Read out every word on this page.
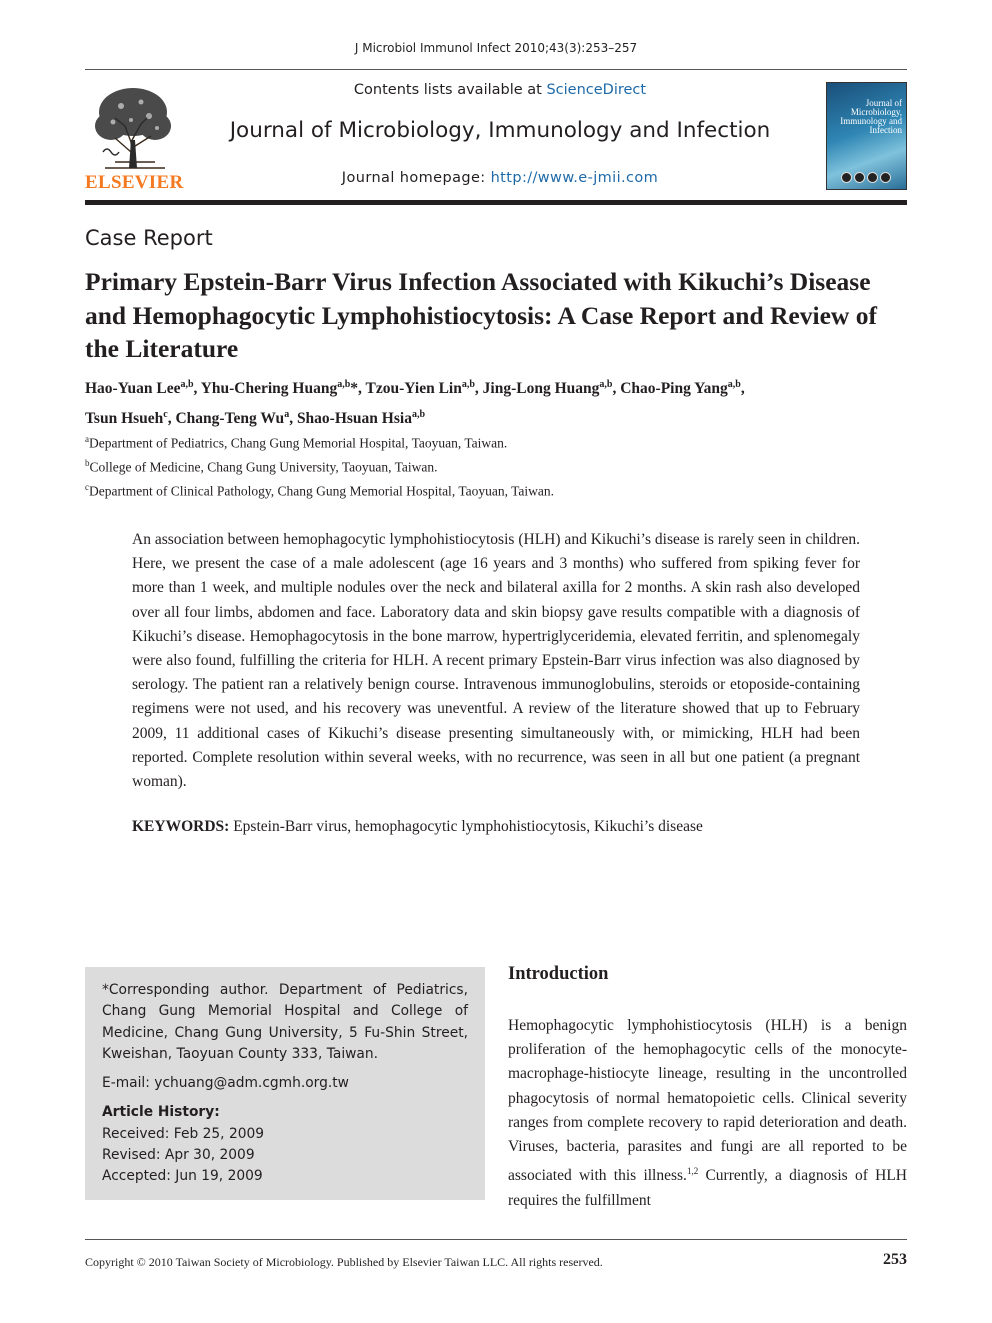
J Microbiol Immunol Infect 2010;43(3):253–257
ELSEVIER
Contents lists available at ScienceDirect
Journal of Microbiology, Immunology and Infection
Journal homepage: http://www.e-jmii.com
Journal of Microbiology, Immunology and Infection
Case Report
Primary Epstein-Barr Virus Infection Associated with Kikuchi’s Disease and Hemophagocytic Lymphohistiocytosis: A Case Report and Review of the Literature
Hao-Yuan Lee$^{a,b}$, Yhu-Chering Huang$^{a,b}$*, Tzou-Yien Lin$^{a,b}$, Jing-Long Huang$^{a,b}$, Chao-Ping Yang$^{a,b}$,
Tsun Hsueh$^c$, Chang-Teng Wu$^a$, Shao-Hsuan Hsia$^{a,b}$
$^a$Department of Pediatrics, Chang Gung Memorial Hospital, Taoyuan, Taiwan.
$^b$College of Medicine, Chang Gung University, Taoyuan, Taiwan.
$^c$Department of Clinical Pathology, Chang Gung Memorial Hospital, Taoyuan, Taiwan.
An association between hemophagocytic lymphohistiocytosis (HLH) and Kikuchi’s disease is rarely seen in children. Here, we present the case of a male adolescent (age 16 years and 3 months) who suffered from spiking fever for more than 1 week, and multiple nodules over the neck and bilateral axilla for 2 months. A skin rash also developed over all four limbs, abdomen and face. Laboratory data and skin biopsy gave results compatible with a diagnosis of Kikuchi’s disease. Hemophagocytosis in the bone marrow, hypertriglyceridemia, elevated ferritin, and splenomegaly were also found, fulfilling the criteria for HLH. A recent primary Epstein-Barr virus infection was also diagnosed by serology. The patient ran a relatively benign course. Intravenous immunoglobulins, steroids or etoposide-containing regimens were not used, and his recovery was uneventful. A review of the literature showed that up to February 2009, 11 additional cases of Kikuchi’s disease presenting simultaneously with, or mimicking, HLH had been reported. Complete resolution within several weeks, with no recurrence, was seen in all but one patient (a pregnant woman).
KEYWORDS: Epstein-Barr virus, hemophagocytic lymphohistiocytosis, Kikuchi’s disease
*Corresponding author. Department of Pediatrics, Chang Gung Memorial Hospital and College of Medicine, Chang Gung University, 5 Fu-Shin Street, Kweishan, Taoyuan County 333, Taiwan.
E-mail: ychuang@adm.cgmh.org.tw
Article History:
Received: Feb 25, 2009
Revised: Apr 30, 2009
Accepted: Jun 19, 2009
Introduction
Hemophagocytic lymphohistiocytosis (HLH) is a benign proliferation of the hemophagocytic cells of the monocyte-macrophage-histiocyte lineage, resulting in the uncontrolled phagocytosis of normal hematopoietic cells. Clinical severity ranges from complete recovery to rapid deterioration and death. Viruses, bacteria, parasites and fungi are all reported to be associated with this illness.$^{1,2}$ Currently, a diagnosis of HLH requires the fulfillment
Copyright © 2010 Taiwan Society of Microbiology. Published by Elsevier Taiwan LLC. All rights reserved.	253
